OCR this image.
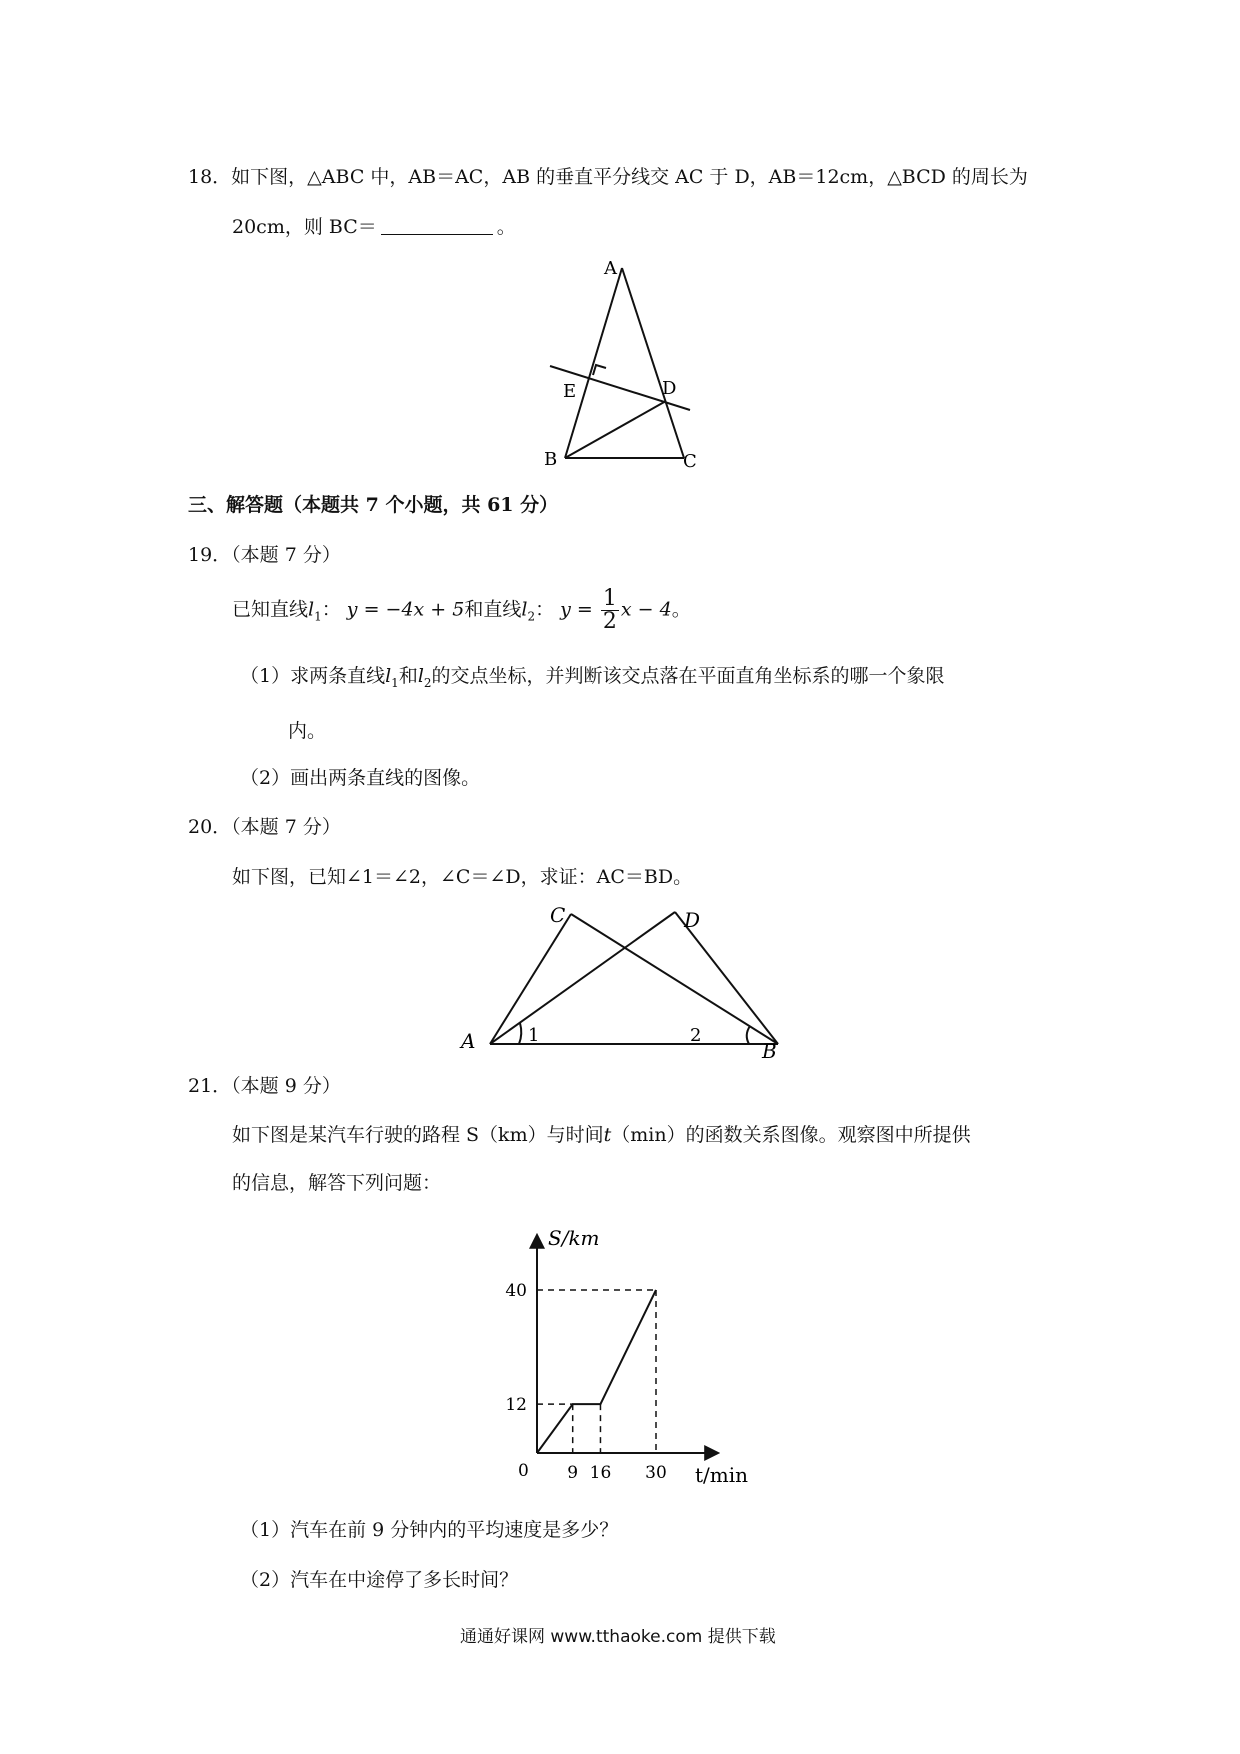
18．如下图，△ABC 中，AB＝AC，AB 的垂直平分线交 AC 于 D，AB＝12cm，△BCD 的周长为
20cm，则 BC＝	。
A
E	D
B	C
三、解答题（本题共 7 个小题，共 61 分）
19．（本题 7 分）
已知直线$l_1$： y = −4x + 5和直线$l_2$： $y = \frac{1}{2}$ x − 4。
（1）求两条直线$l_1$和$l_2$的交点坐标，并判断该交点落在平面直角坐标系的哪一个象限
内。
（2）画出两条直线的图像。
20．（本题 7 分）
如下图，已知∠1＝∠2，∠C＝∠D，求证：AC＝BD。
A	B
C	D
1	2
21．（本题 9 分）
如下图是某汽车行驶的路程 S（km）与时间t（min）的函数关系图像。观察图中所提供
的信息，解答下列问题：
S/km
t/min
0 9 16 30
12
40
（1）汽车在前 9 分钟内的平均速度是多少？
（2）汽车在中途停了多长时间？
通通好课网 www.tthaoke.com 提供下载
